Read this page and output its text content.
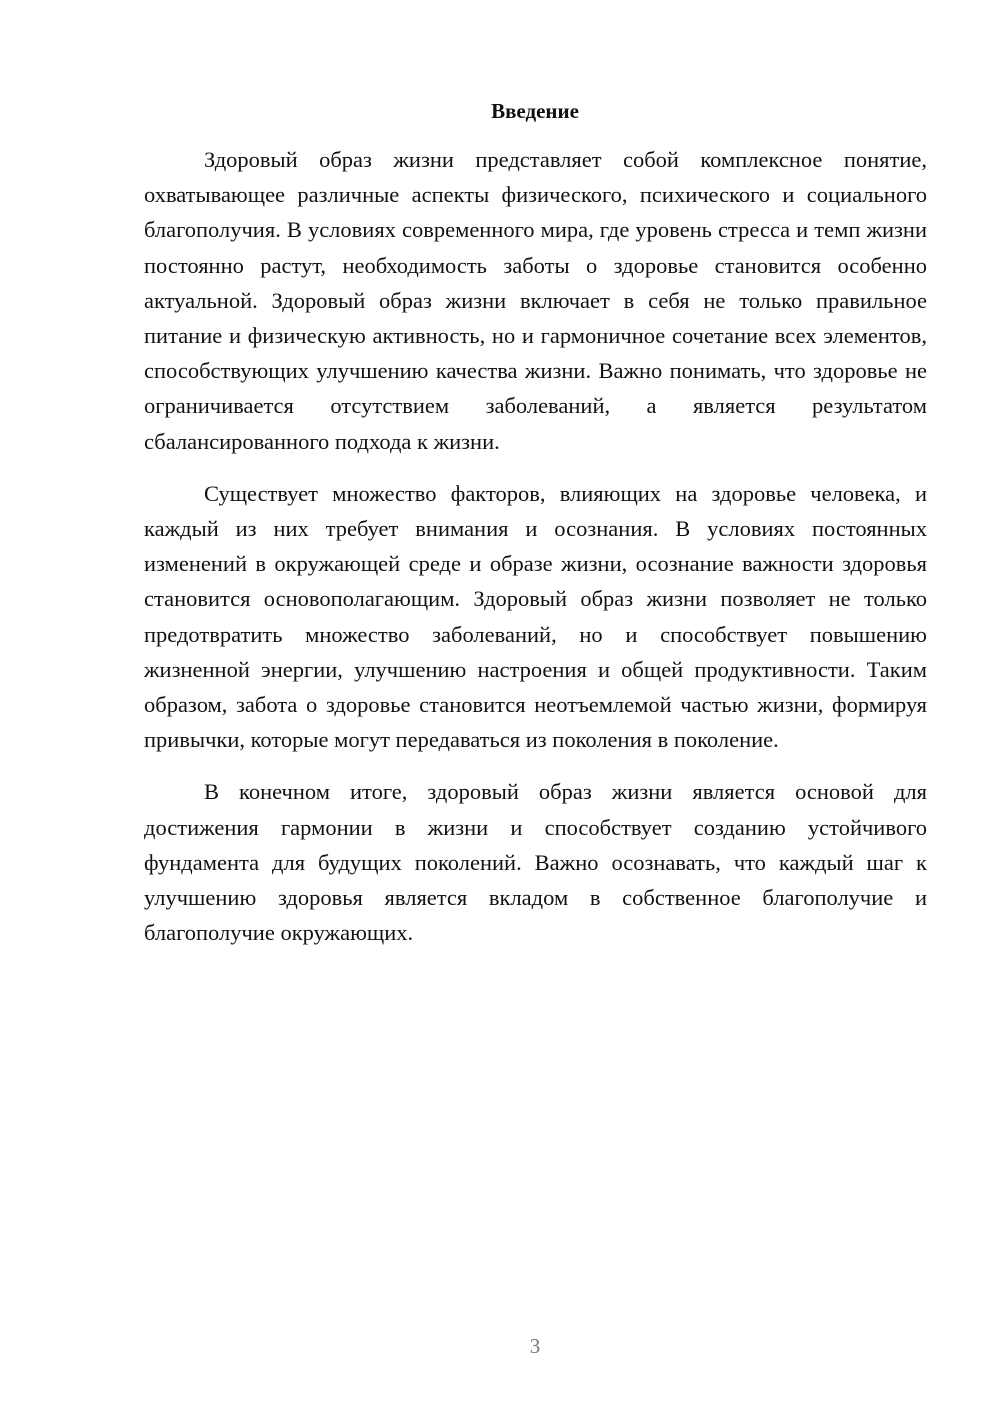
Введение

Здоровый образ жизни представляет собой комплексное понятие, охватывающее различные аспекты физического, психического и социального благополучия. В условиях современного мира, где уровень стресса и темп жизни постоянно растут, необходимость заботы о здоровье становится особенно актуальной. Здоровый образ жизни включает в себя не только правильное питание и физическую активность, но и гармоничное сочетание всех элементов, способствующих улучшению качества жизни. Важно понимать, что здоровье не ограничивается отсутствием заболеваний, а является результатом сбалансированного подхода к жизни.

Существует множество факторов, влияющих на здоровье человека, и каждый из них требует внимания и осознания. В условиях постоянных изменений в окружающей среде и образе жизни, осознание важности здоровья становится основополагающим. Здоровый образ жизни позволяет не только предотвратить множество заболеваний, но и способствует повышению жизненной энергии, улучшению настроения и общей продуктивности. Таким образом, забота о здоровье становится неотъемлемой частью жизни, формируя привычки, которые могут передаваться из поколения в поколение.

В конечном итоге, здоровый образ жизни является основой для достижения гармонии в жизни и способствует созданию устойчивого фундамента для будущих поколений. Важно осознавать, что каждый шаг к улучшению здоровья является вкладом в собственное благополучие и благополучие окружающих.

3
